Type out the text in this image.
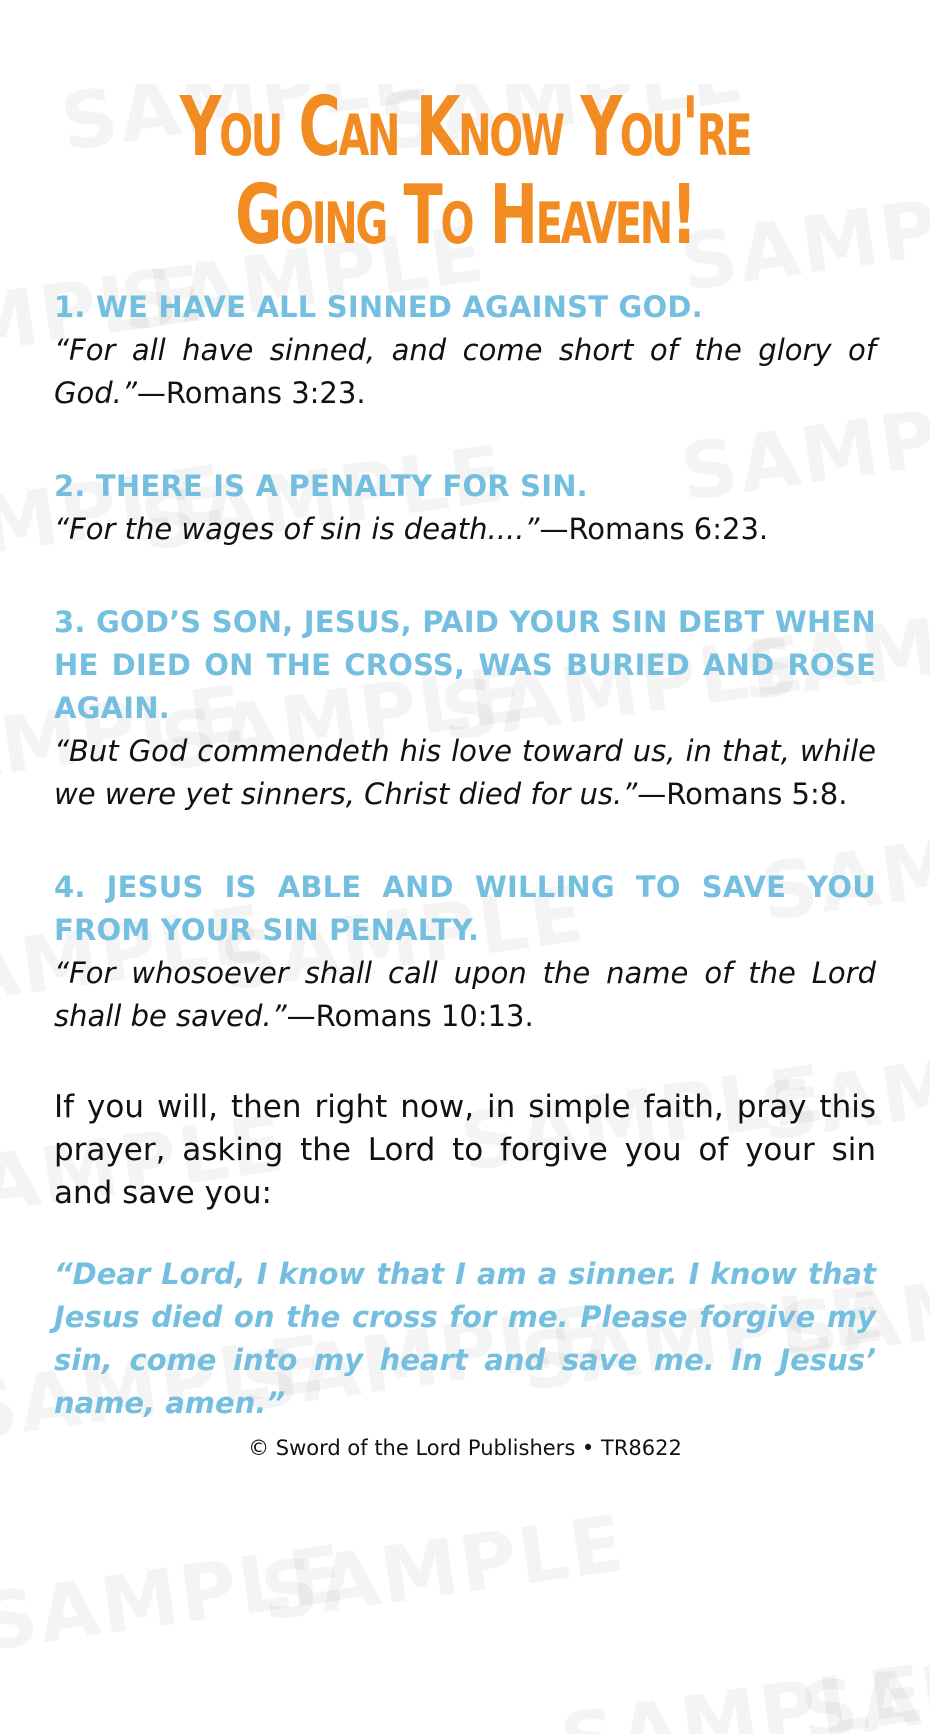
You Can Know You're
Going To Heaven!
1. WE HAVE ALL SINNED AGAINST GOD.
“For all have sinned, and come short of the glory of God.”—Romans 3:23.
2. THERE IS A PENALTY FOR SIN.
“For the wages of sin is death....”—Romans 6:23.
3. GOD’S SON, JESUS, PAID YOUR SIN DEBT WHEN HE DIED ON THE CROSS, WAS BURIED AND ROSE AGAIN.
“But God commendeth his love toward us, in that, while we were yet sinners, Christ died for us.”—Romans 5:8.
4. JESUS IS ABLE AND WILLING TO SAVE YOU FROM YOUR SIN PENALTY.
“For whosoever shall call upon the name of the Lord shall be saved.”—Romans 10:13.
If you will, then right now, in simple faith, pray this prayer, asking the Lord to forgive you of your sin and save you:
“Dear Lord, I know that I am a sinner. I know that Jesus died on the cross for me. Please forgive my sin, come into my heart and save me. In Jesus’ name, amen.”
© Sword of the Lord Publishers • TR8622
